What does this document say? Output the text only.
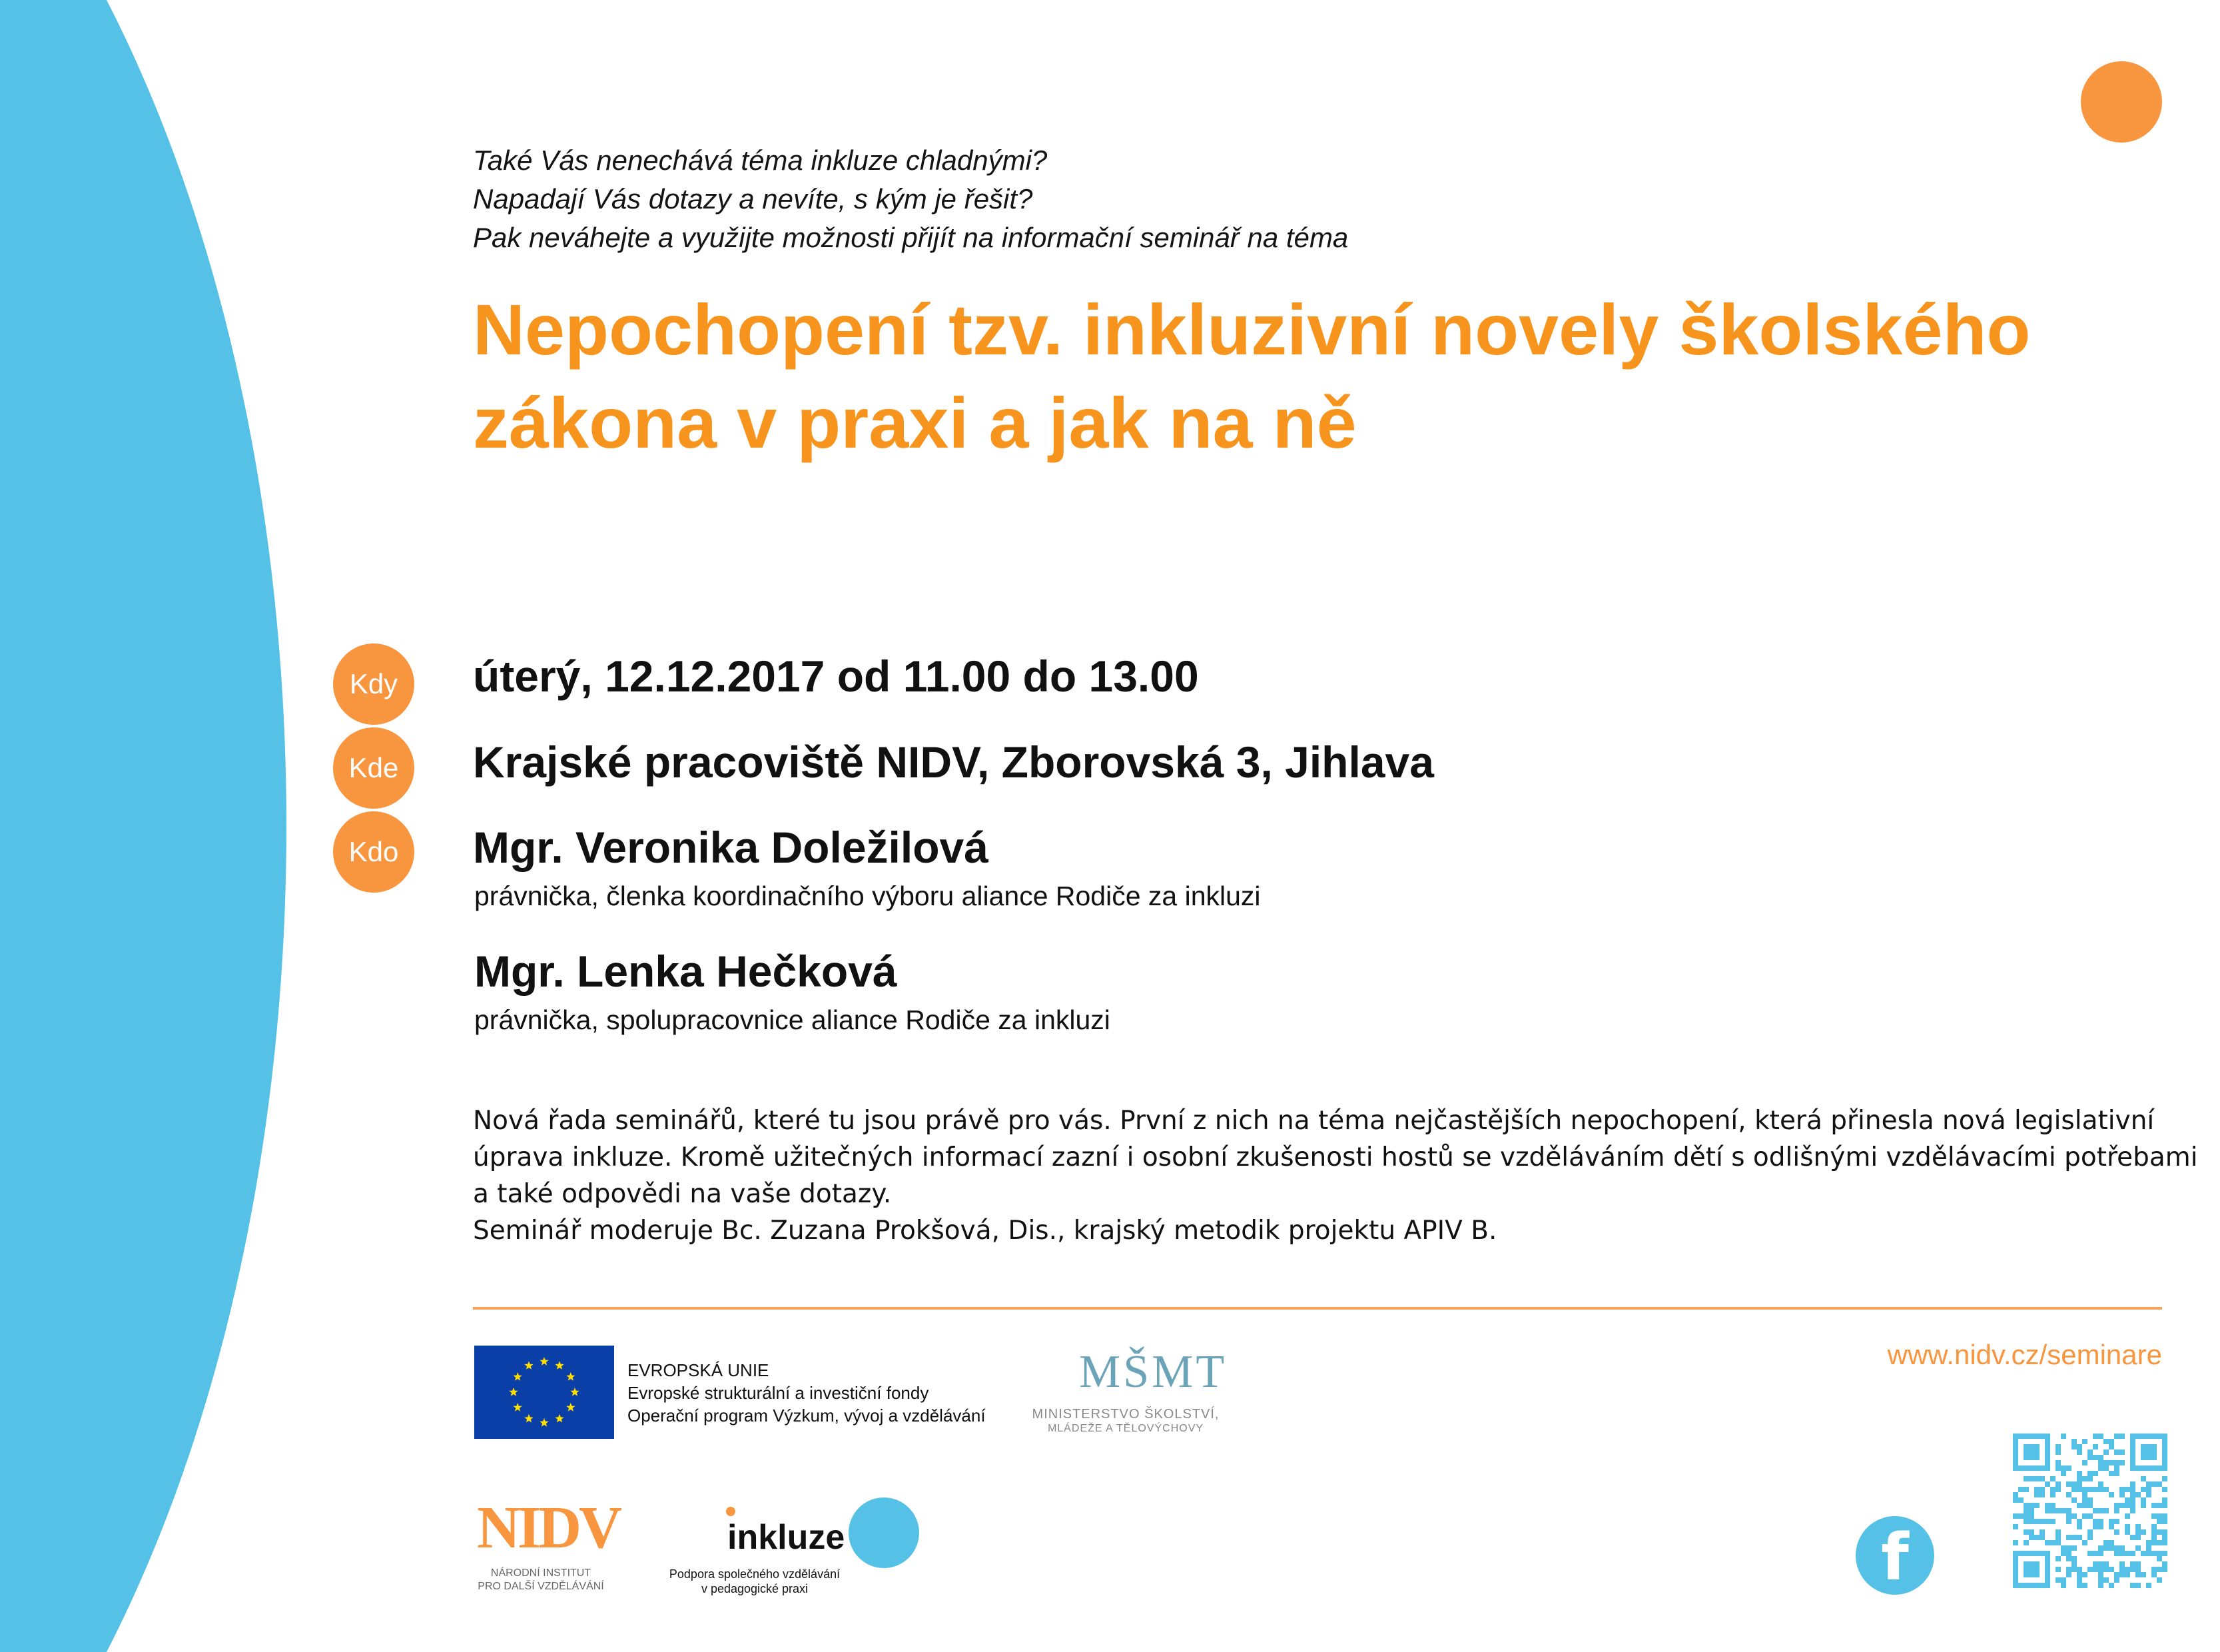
Také Vás nenechává téma inkluze chladnými?
Napadají Vás dotazy a nevíte, s kým je řešit?
Pak neváhejte a využijte možnosti přijít na informační seminář na téma
Nepochopení tzv. inkluzivní novely školského
zákona v praxi a jak na ně
Kdy	úterý, 12.12.2017 od 11.00 do 13.00
Kde	Krajské pracoviště NIDV, Zborovská 3, Jihlava
Kdo	Mgr. Veronika Doležilová
právnička, členka koordinačního výboru aliance Rodiče za inkluzi
Mgr. Lenka Hečková
právnička, spolupracovnice aliance Rodiče za inkluzi
Nová řada seminářů, které tu jsou právě pro vás. První z nich na téma nejčastějších nepochopení, která přinesla nová legislativní
úprava inkluze. Kromě užitečných informací zazní i osobní zkušenosti hostů se vzděláváním dětí s odlišnými vzdělávacími potřebami
a také odpovědi na vaše dotazy.
Seminář moderuje Bc. Zuzana Prokšová, Dis., krajský metodik projektu APIV B.
www.nidv.cz/seminare
EVROPSKÁ UNIE
Evropské strukturální a investiční fondy
Operační program Výzkum, vývoj a vzdělávání
MŠMT
MINISTERSTVO ŠKOLSTVÍ,
MLÁDEŽE A TĚLOVÝCHOVY
NIDV
NÁRODNÍ INSTITUT
PRO DALŠÍ VZDĚLÁVÁNÍ
inkluze
Podpora společného vzdělávání
v pedagogické praxi	f
